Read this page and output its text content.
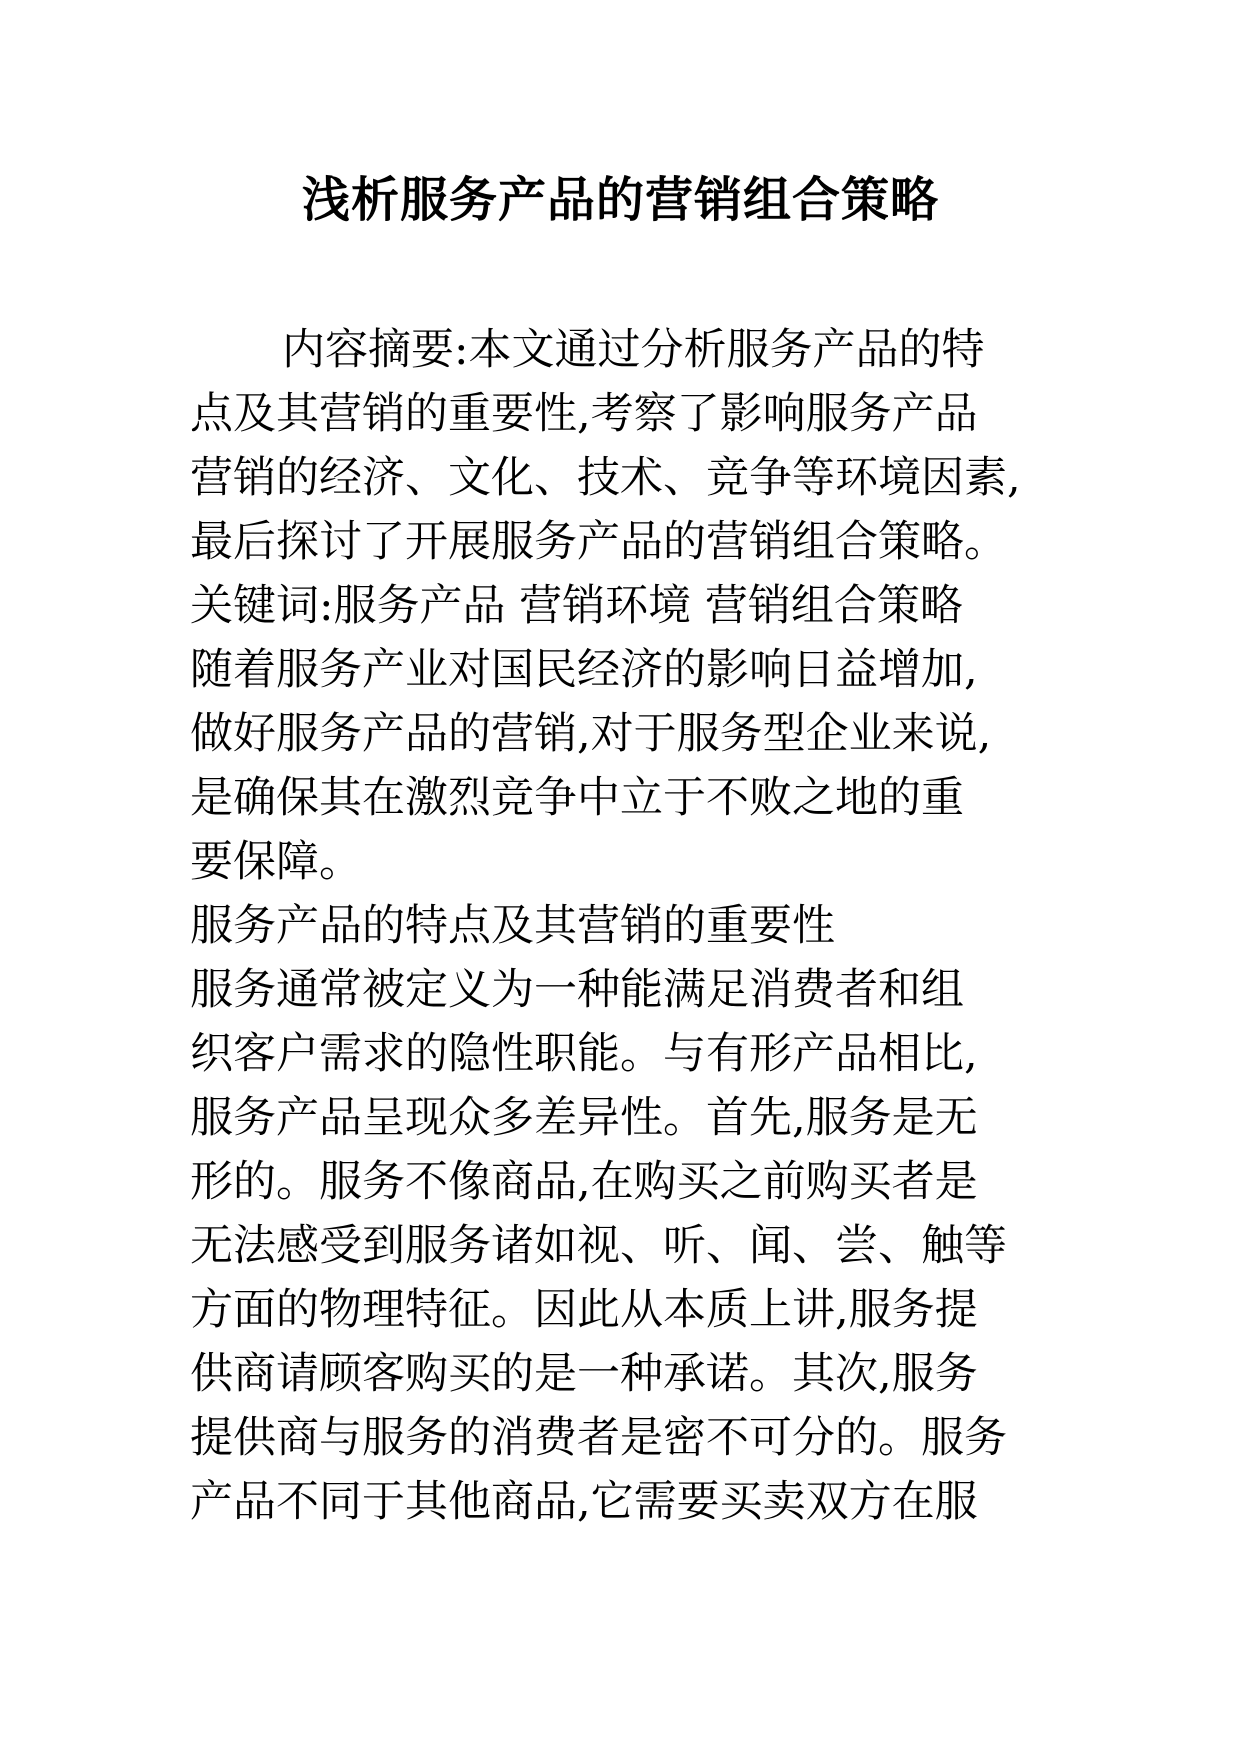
浅析服务产品的营销组合策略

内容摘要:本文通过分析服务产品的特

点及其营销的重要性,考察了影响服务产品

营销的经济、文化、技术、竞争等环境因素,

最后探讨了开展服务产品的营销组合策略。

关键词:服务产品 营销环境 营销组合策略

随着服务产业对国民经济的影响日益增加,

做好服务产品的营销,对于服务型企业来说,

是确保其在激烈竞争中立于不败之地的重

要保障。

服务产品的特点及其营销的重要性

服务通常被定义为一种能满足消费者和组

织客户需求的隐性职能。与有形产品相比,

服务产品呈现众多差异性。首先,服务是无

形的。服务不像商品,在购买之前购买者是

无法感受到服务诸如视、听、闻、尝、触等

方面的物理特征。因此从本质上讲,服务提

供商请顾客购买的是一种承诺。其次,服务

提供商与服务的消费者是密不可分的。服务

产品不同于其他商品,它需要买卖双方在服
